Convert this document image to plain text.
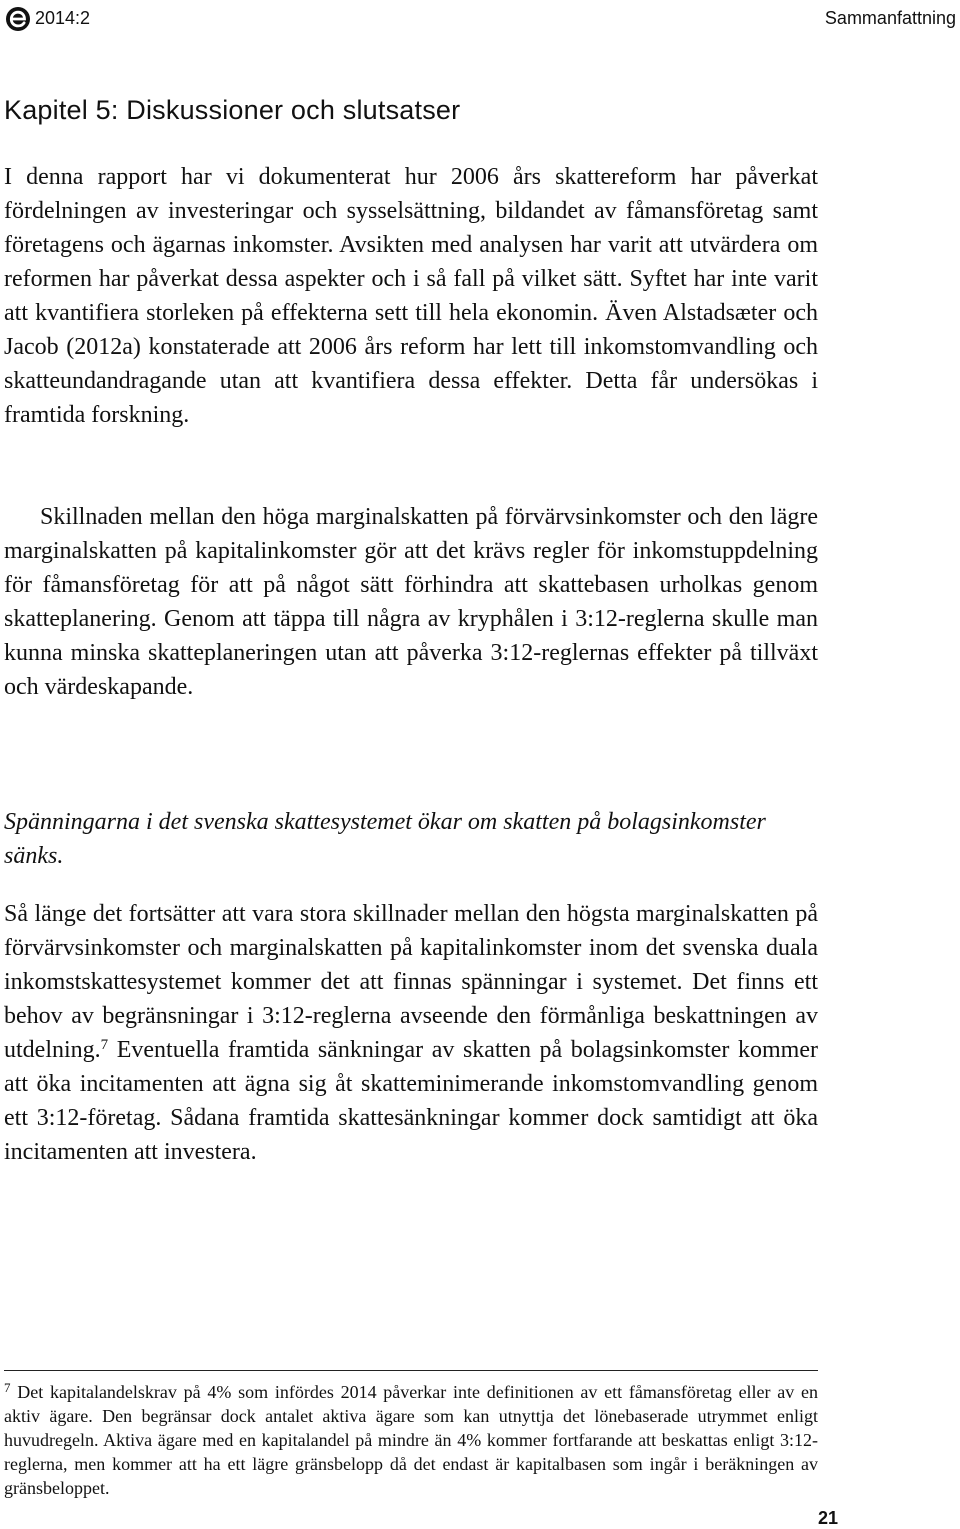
2014:2	Sammanfattning
Kapitel 5: Diskussioner och slutsatser

I denna rapport har vi dokumenterat hur 2006 års skattereform har påverkat fördelningen av investeringar och sysselsättning, bildandet av fåmansföretag samt företagens och ägarnas inkomster. Avsikten med analysen har varit att utvärdera om reformen har påverkat dessa aspekter och i så fall på vilket sätt. Syftet har inte varit att kvantifiera storleken på effekterna sett till hela ekonomin. Även Alstadsæter och Jacob (2012a) konstaterade att 2006 års reform har lett till inkomstomvandling och skatteundandragande utan att kvantifiera dessa effekter. Detta får undersökas i framtida forskning.

Skillnaden mellan den höga marginalskatten på förvärvsinkomster och den lägre marginalskatten på kapitalinkomster gör att det krävs regler för inkomstuppdelning för fåmansföretag för att på något sätt förhindra att skattebasen urholkas genom skatteplanering. Genom att täppa till några av kryphålen i 3:12-reglerna skulle man kunna minska skatteplaneringen utan att påverka 3:12-reglernas effekter på tillväxt och värdeskapande.

Spänningarna i det svenska skattesystemet ökar om skatten på bolagsinkomster sänks.

Så länge det fortsätter att vara stora skillnader mellan den högsta marginalskatten på förvärvsinkomster och marginalskatten på kapitalinkomster inom det svenska duala inkomstskattesystemet kommer det att finnas spänningar i systemet. Det finns ett behov av begränsningar i 3:12-reglerna avseende den förmånliga beskattningen av utdelning.$^7$ Eventuella framtida sänkningar av skatten på bolagsinkomster kommer att öka incitamenten att ägna sig åt skatteminimerande inkomstomvandling genom ett 3:12-företag. Sådana framtida skattesänkningar kommer dock samtidigt att öka incitamenten att investera.

$^7$ Det kapitalandelskrav på 4% som infördes 2014 påverkar inte definitionen av ett fåmansföretag eller av en aktiv ägare. Den begränsar dock antalet aktiva ägare som kan utnyttja det lönebaserade utrymmet enligt huvudregeln. Aktiva ägare med en kapitalandel på mindre än 4% kommer fortfarande att beskattas enligt 3:12-reglerna, men kommer att ha ett lägre gränsbelopp då det endast är kapitalbasen som ingår i beräkningen av gränsbeloppet.

21
